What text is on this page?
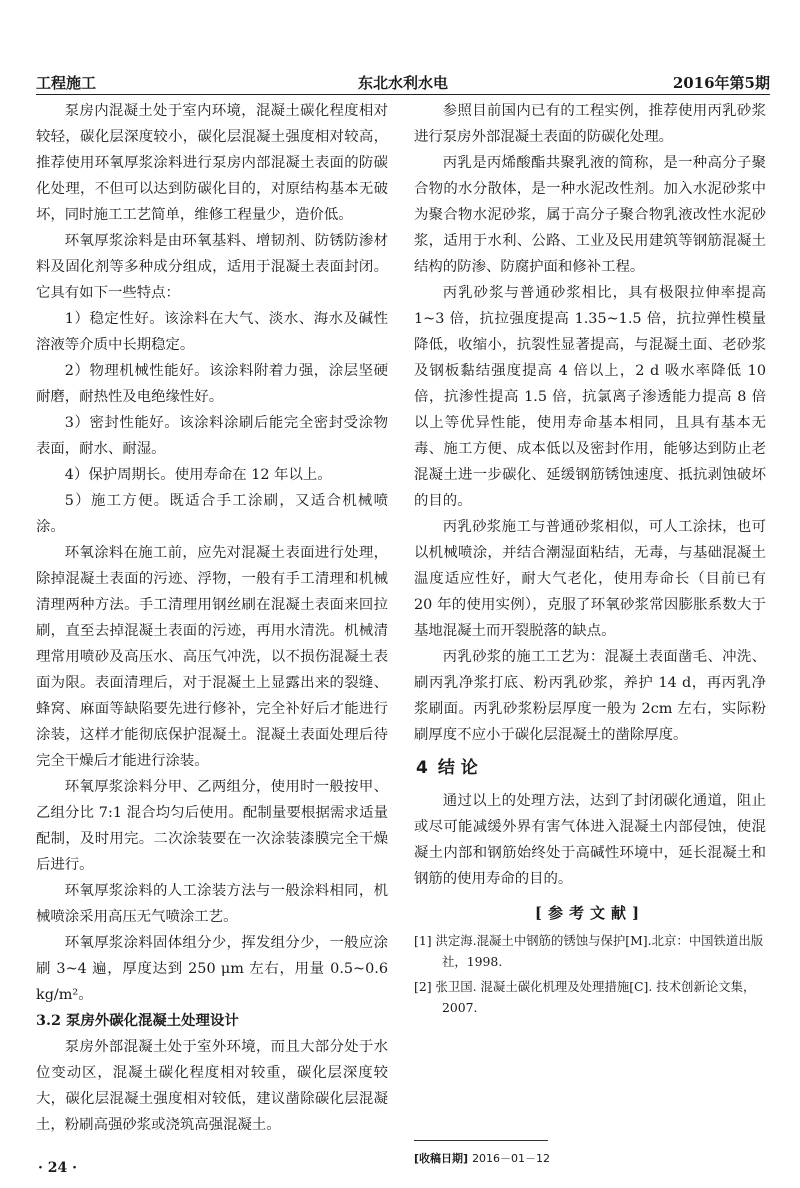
工程施工	东北水利水电	2016年第5期

泵房内混凝土处于室内环境，混凝土碳化程度相对较轻，碳化层深度较小，碳化层混凝土强度相对较高，推荐使用环氧厚浆涂料进行泵房内部混凝土表面的防碳化处理，不但可以达到防碳化目的，对原结构基本无破坏，同时施工工艺简单，维修工程量少，造价低。

环氧厚浆涂料是由环氧基料、增韧剂、防锈防渗材料及固化剂等多种成分组成，适用于混凝土表面封闭。它具有如下一些特点：

1）稳定性好。该涂料在大气、淡水、海水及碱性溶液等介质中长期稳定。

2）物理机械性能好。该涂料附着力强，涂层坚硬耐磨，耐热性及电绝缘性好。

3）密封性能好。该涂料涂刷后能完全密封受涂物表面，耐水、耐湿。

4）保护周期长。使用寿命在 12 年以上。

5）施工方便。既适合手工涂刷，又适合机械喷涂。

环氧涂料在施工前，应先对混凝土表面进行处理，除掉混凝土表面的污迹、浮物，一般有手工清理和机械清理两种方法。手工清理用钢丝刷在混凝土表面来回拉刷，直至去掉混凝土表面的污迹，再用水清洗。机械清理常用喷砂及高压水、高压气冲洗，以不损伤混凝土表面为限。表面清理后，对于混凝土上显露出来的裂缝、蜂窝、麻面等缺陷要先进行修补，完全补好后才能进行涂装，这样才能彻底保护混凝土。混凝土表面处理后待完全干燥后才能进行涂装。

环氧厚浆涂料分甲、乙两组分，使用时一般按甲、乙组分比 7:1 混合均匀后使用。配制量要根据需求适量配制，及时用完。二次涂装要在一次涂装漆膜完全干燥后进行。

环氧厚浆涂料的人工涂装方法与一般涂料相同，机械喷涂采用高压无气喷涂工艺。

环氧厚浆涂料固体组分少，挥发组分少，一般应涂刷 3~4 遍，厚度达到 250 μm 左右，用量 0.5~0.6 kg/m²。

3.2 泵房外碳化混凝土处理设计

泵房外部混凝土处于室外环境，而且大部分处于水位变动区，混凝土碳化程度相对较重，碳化层深度较大，碳化层混凝土强度相对较低，建议凿除碳化层混凝土，粉刷高强砂浆或浇筑高强混凝土。

参照目前国内已有的工程实例，推荐使用丙乳砂浆进行泵房外部混凝土表面的防碳化处理。

丙乳是丙烯酸酯共聚乳液的简称，是一种高分子聚合物的水分散体，是一种水泥改性剂。加入水泥砂浆中为聚合物水泥砂浆，属于高分子聚合物乳液改性水泥砂浆，适用于水利、公路、工业及民用建筑等钢筋混凝土结构的防渗、防腐护面和修补工程。

丙乳砂浆与普通砂浆相比，具有极限拉伸率提高 1~3 倍，抗拉强度提高 1.35~1.5 倍，抗拉弹性模量降低，收缩小，抗裂性显著提高，与混凝土面、老砂浆及钢板黏结强度提高 4 倍以上，2 d 吸水率降低 10 倍，抗渗性提高 1.5 倍，抗氯离子渗透能力提高 8 倍以上等优异性能，使用寿命基本相同，且具有基本无毒、施工方便、成本低以及密封作用，能够达到防止老混凝土进一步碳化、延缓钢筋锈蚀速度、抵抗剥蚀破坏的目的。

丙乳砂浆施工与普通砂浆相似，可人工涂抹，也可以机械喷涂，并结合潮湿面粘结，无毒，与基础混凝土温度适应性好，耐大气老化，使用寿命长（目前已有 20 年的使用实例），克服了环氧砂浆常因膨胀系数大于基地混凝土而开裂脱落的缺点。

丙乳砂浆的施工工艺为：混凝土表面凿毛、冲洗、刷丙乳净浆打底、粉丙乳砂浆，养护 14 d，再丙乳净浆刷面。丙乳砂浆粉层厚度一般为 2cm 左右，实际粉刷厚度不应小于碳化层混凝土的凿除厚度。

4 结 论

通过以上的处理方法，达到了封闭碳化通道，阻止或尽可能减缓外界有害气体进入混凝土内部侵蚀，使混凝土内部和钢筋始终处于高碱性环境中，延长混凝土和钢筋的使用寿命的目的。

[参考文献]
[1] 洪定海.混凝土中钢筋的锈蚀与保护[M].北京：中国铁道出版社，1998.
[2] 张卫国. 混凝土碳化机理及处理措施[C]. 技术创新论文集，2007.
[收稿日期] 2016－01－12
· 24 ·
